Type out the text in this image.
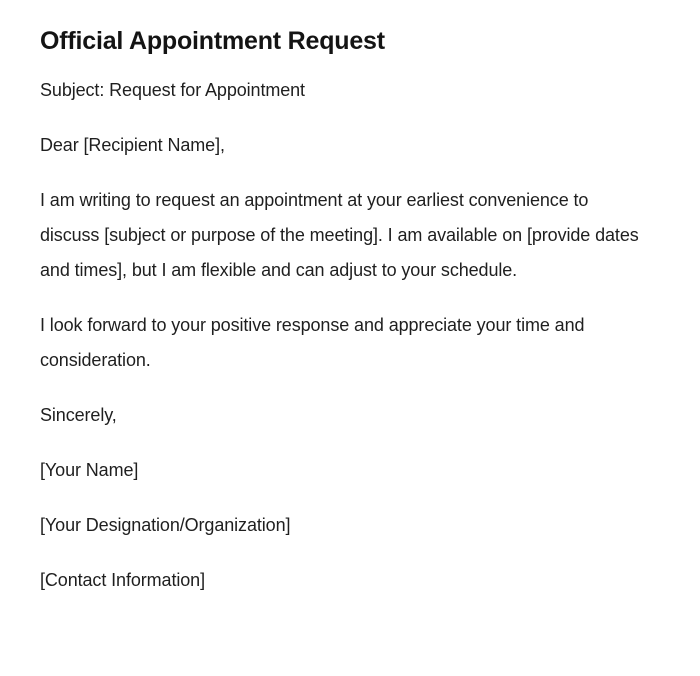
Official Appointment Request

Subject: Request for Appointment

Dear [Recipient Name],

I am writing to request an appointment at your earliest convenience to discuss [subject or purpose of the meeting]. I am available on [provide dates and times], but I am flexible and can adjust to your schedule.

I look forward to your positive response and appreciate your time and consideration.

Sincerely,

[Your Name]

[Your Designation/Organization]

[Contact Information]
